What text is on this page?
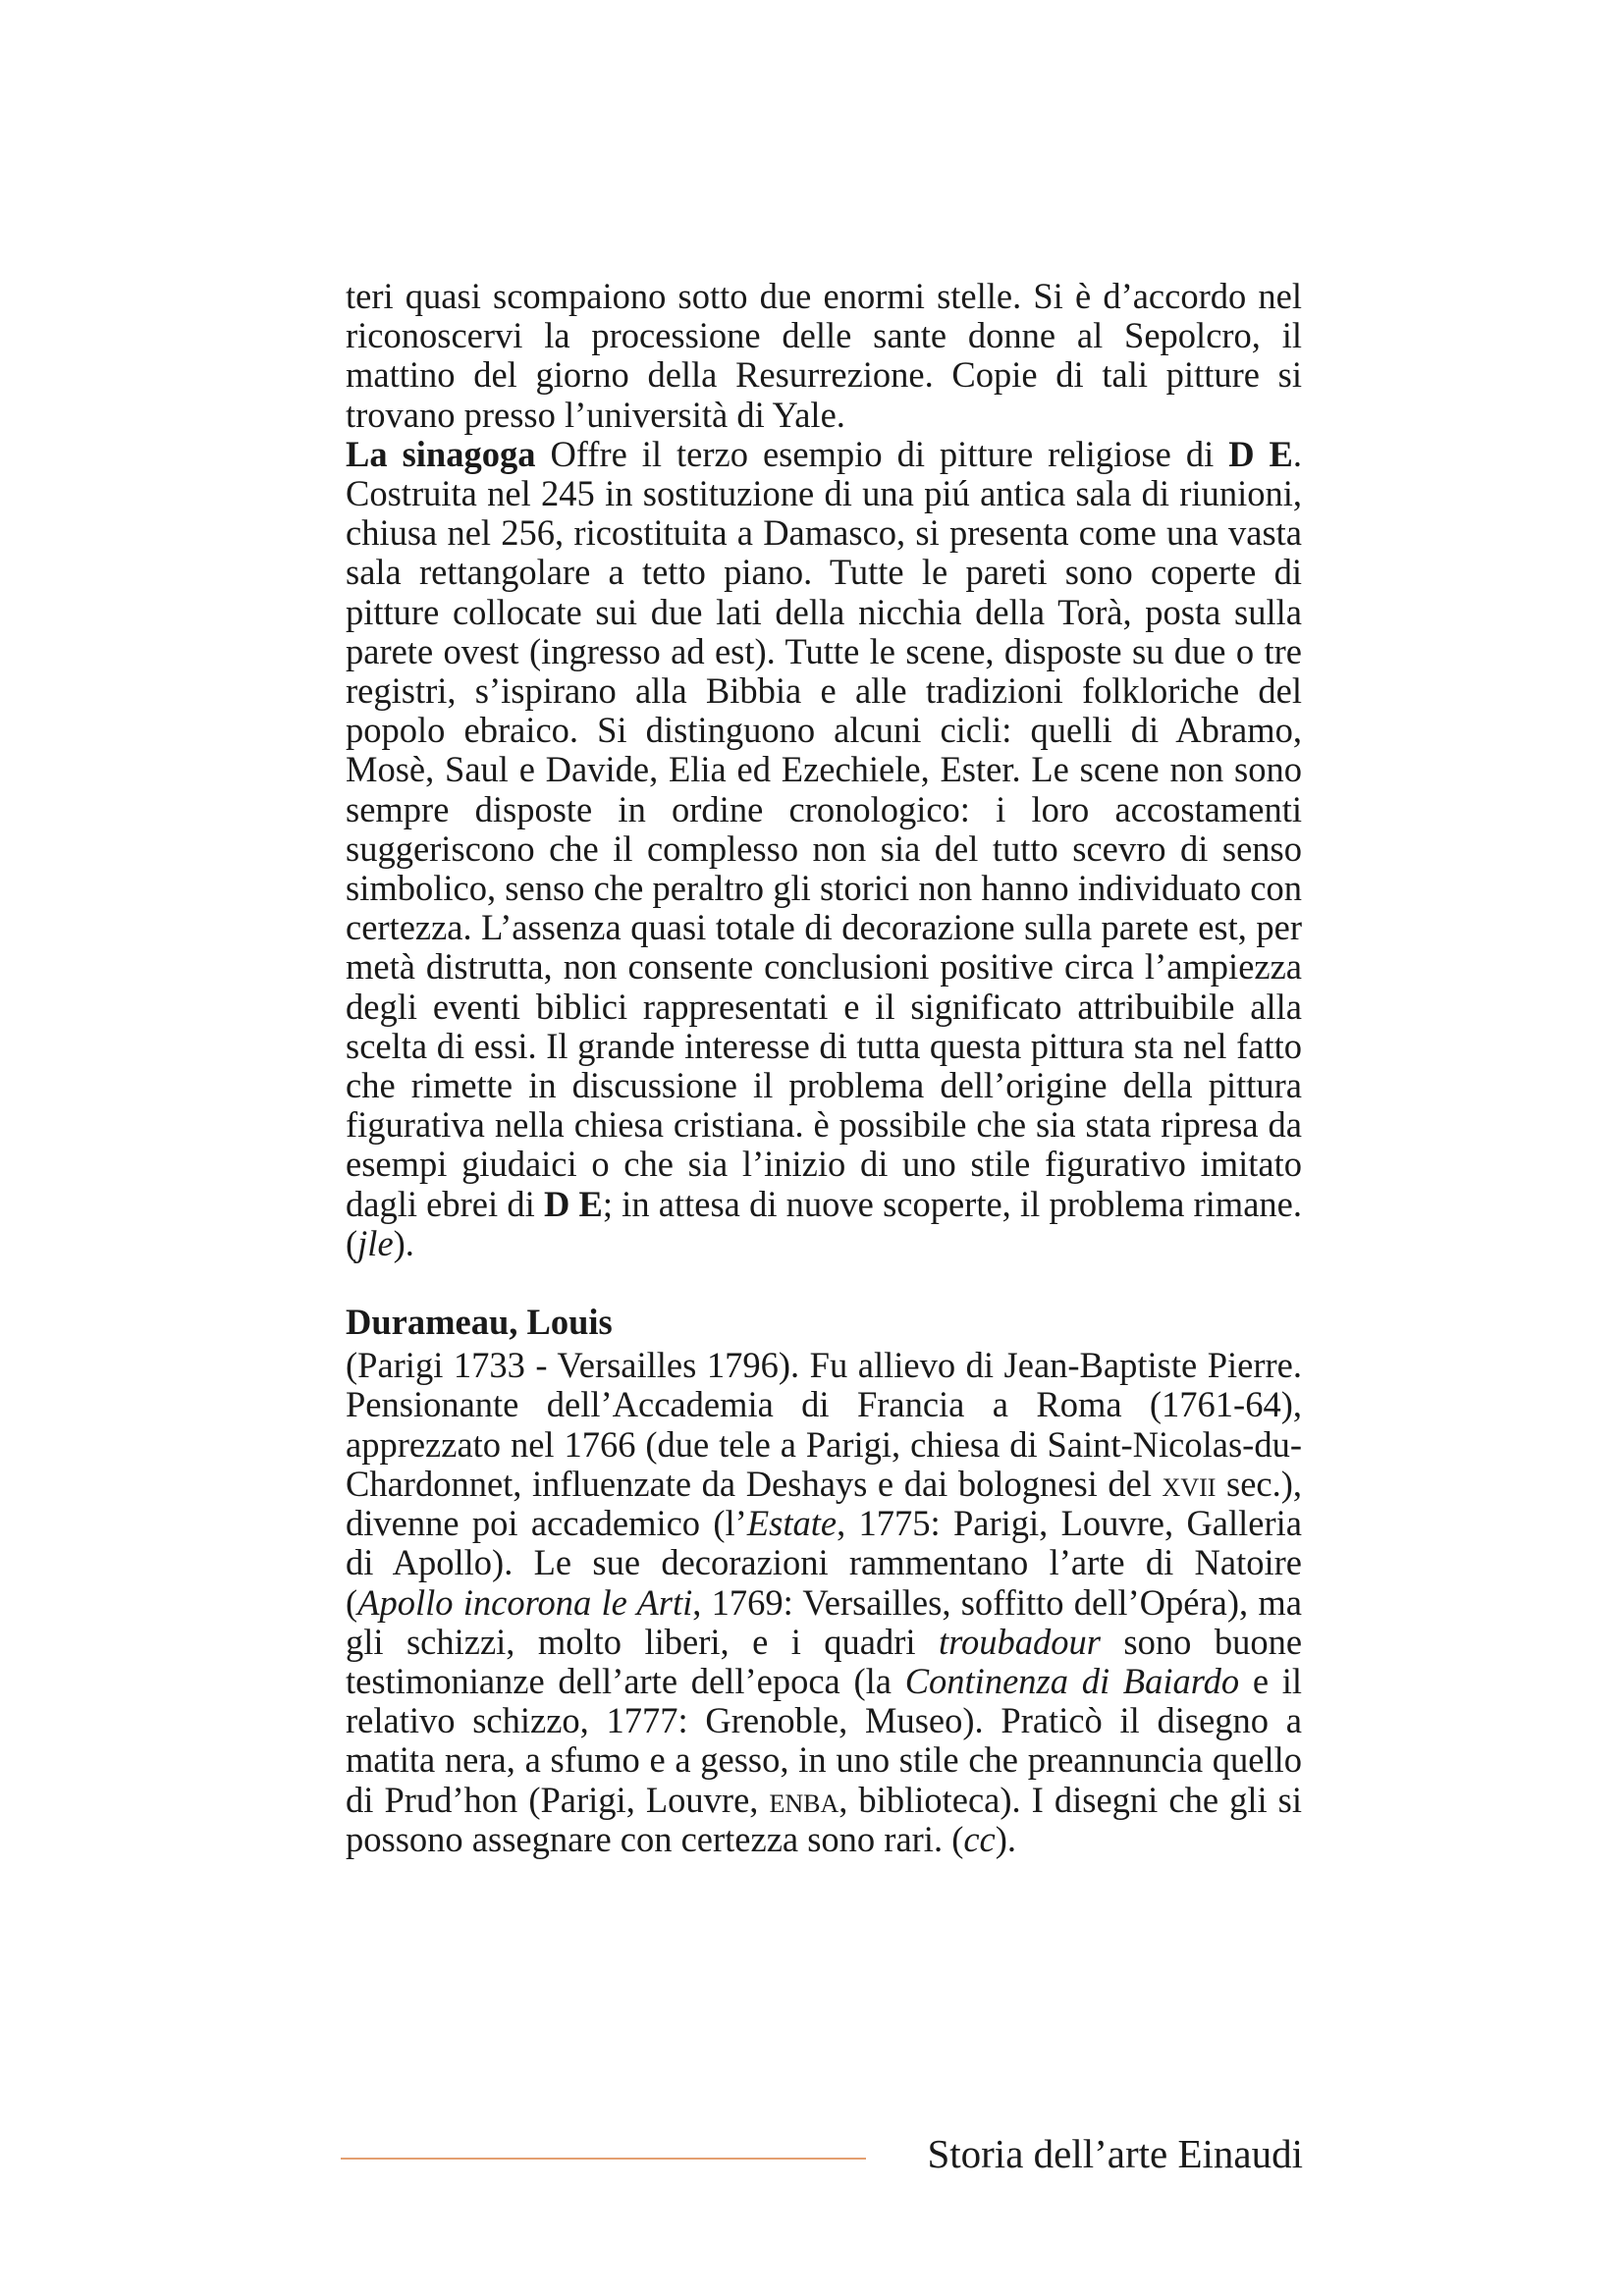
teri quasi scompaiono sotto due enormi stelle. Si è d’accordo nel riconoscervi la processione delle sante donne al Sepolcro, il mattino del giorno della Resurrezione. Copie di tali pitture si trovano presso l’università di Yale.

La sinagoga Offre il terzo esempio di pitture religiose di D E. Costruita nel 245 in sostituzione di una piú antica sala di riunioni, chiusa nel 256, ricostituita a Damasco, si presenta come una vasta sala rettangolare a tetto piano. Tutte le pareti sono coperte di pitture collocate sui due lati della nicchia della Torà, posta sulla parete ovest (ingresso ad est). Tutte le scene, disposte su due o tre registri, s’ispirano alla Bibbia e alle tradizioni folkloriche del popolo ebraico. Si distinguono alcuni cicli: quelli di Abramo, Mosè, Saul e Davide, Elia ed Ezechiele, Ester. Le scene non sono sempre disposte in ordine cronologico: i loro accostamenti suggeriscono che il complesso non sia del tutto scevro di senso simbolico, senso che peraltro gli storici non hanno individuato con certezza. L’assenza quasi totale di decorazione sulla parete est, per metà distrutta, non consente conclusioni positive circa l’ampiezza degli eventi biblici rappresentati e il significato attribuibile alla scelta di essi. Il grande interesse di tutta questa pittura sta nel fatto che rimette in discussione il problema dell’origine della pittura figurativa nella chiesa cristiana. è possibile che sia stata ripresa da esempi giudaici o che sia l’inizio di uno stile figurativo imitato dagli ebrei di D E; in attesa di nuove scoperte, il problema rimane. (jle).

Durameau, Louis

(Parigi 1733 - Versailles 1796). Fu allievo di Jean-Baptiste Pierre. Pensionante dell’Accademia di Francia a Roma (1761-64), apprezzato nel 1766 (due tele a Parigi, chiesa di Saint-Nicolas-du-Chardonnet, influenzate da Deshays e dai bolognesi del xvii sec.), divenne poi accademico (l’Estate, 1775: Parigi, Louvre, Galleria di Apollo). Le sue decorazioni rammentano l’arte di Natoire (Apollo incorona le Arti, 1769: Versailles, soffitto dell’Opéra), ma gli schizzi, molto liberi, e i quadri troubadour sono buone testimonianze dell’arte dell’epoca (la Continenza di Baiardo e il relativo schizzo, 1777: Grenoble, Museo). Praticò il disegno a matita nera, a sfumo e a gesso, in uno stile che preannuncia quello di Prud’hon (Parigi, Louvre, enba, biblioteca). I disegni che gli si possono assegnare con certezza sono rari. (cc).

Storia dell’arte Einaudi
